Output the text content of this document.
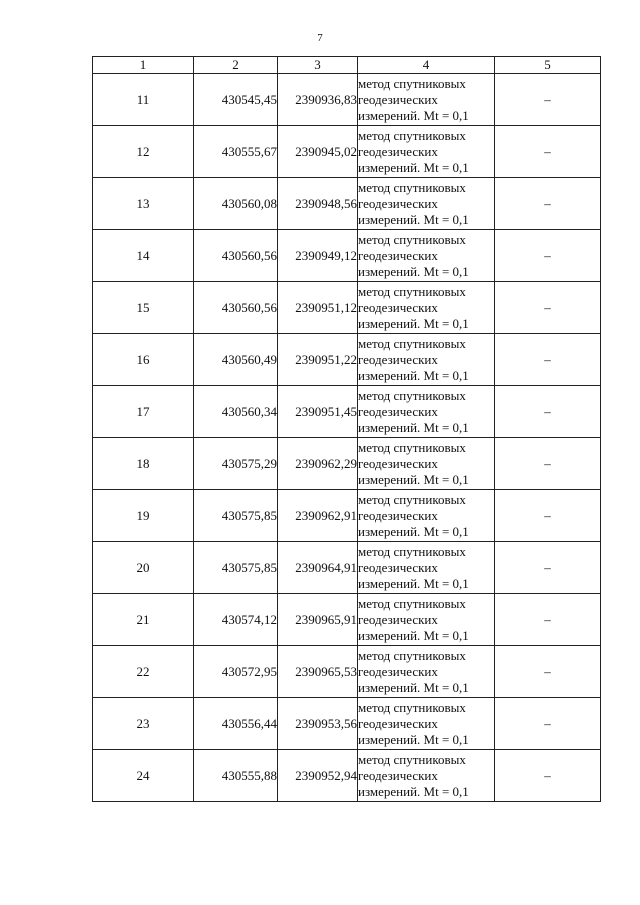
7
1	2	3	4	5
11	430545,45	2390936,83	метод спутниковых
геодезических
измерений. Mt = 0,1	–
12	430555,67	2390945,02	метод спутниковых
геодезических
измерений. Mt = 0,1	–
13	430560,08	2390948,56	метод спутниковых
геодезических
измерений. Mt = 0,1	–
14	430560,56	2390949,12	метод спутниковых
геодезических
измерений. Mt = 0,1	–
15	430560,56	2390951,12	метод спутниковых
геодезических
измерений. Mt = 0,1	–
16	430560,49	2390951,22	метод спутниковых
геодезических
измерений. Mt = 0,1	–
17	430560,34	2390951,45	метод спутниковых
геодезических
измерений. Mt = 0,1	–
18	430575,29	2390962,29	метод спутниковых
геодезических
измерений. Mt = 0,1	–
19	430575,85	2390962,91	метод спутниковых
геодезических
измерений. Mt = 0,1	–
20	430575,85	2390964,91	метод спутниковых
геодезических
измерений. Mt = 0,1	–
21	430574,12	2390965,91	метод спутниковых
геодезических
измерений. Mt = 0,1	–
22	430572,95	2390965,53	метод спутниковых
геодезических
измерений. Mt = 0,1	–
23	430556,44	2390953,56	метод спутниковых
геодезических
измерений. Mt = 0,1	–
24	430555,88	2390952,94	метод спутниковых
геодезических
измерений. Mt = 0,1	–
